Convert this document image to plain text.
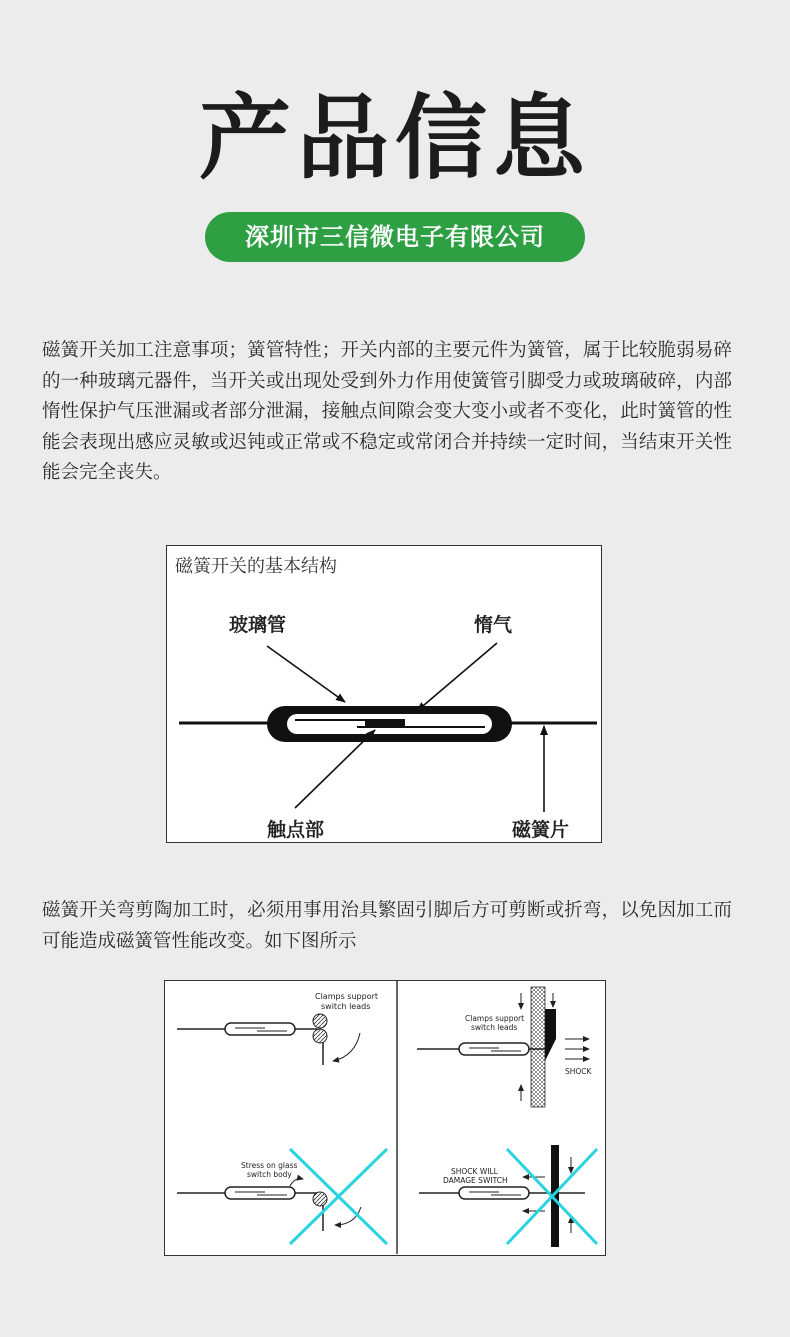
产品信息
深圳市三信微电子有限公司
磁簧开关加工注意事项；簧管特性；开关内部的主要元件为簧管，属于比较脆弱易碎的一种玻璃元器件，当开关或出现处受到外力作用使簧管引脚受力或玻璃破碎，内部惰性保护气压泄漏或者部分泄漏，接触点间隙会变大变小或者不变化，此时簧管的性能会表现出感应灵敏或迟钝或正常或不稳定或常闭合并持续一定时间，当结束开关性能会完全丧失。
磁簧开关的基本结构
玻璃管	惰气
触点部	磁簧片
磁簧开关弯剪陶加工时，必须用事用治具繁固引脚后方可剪断或折弯，以免因加工而可能造成磁簧管性能改变。如下图所示
Clamps support
switch leads
Clamps support
switch leads
SHOCK
Stress on glass
switch body	SHOCK WILL
DAMAGE SWITCH
